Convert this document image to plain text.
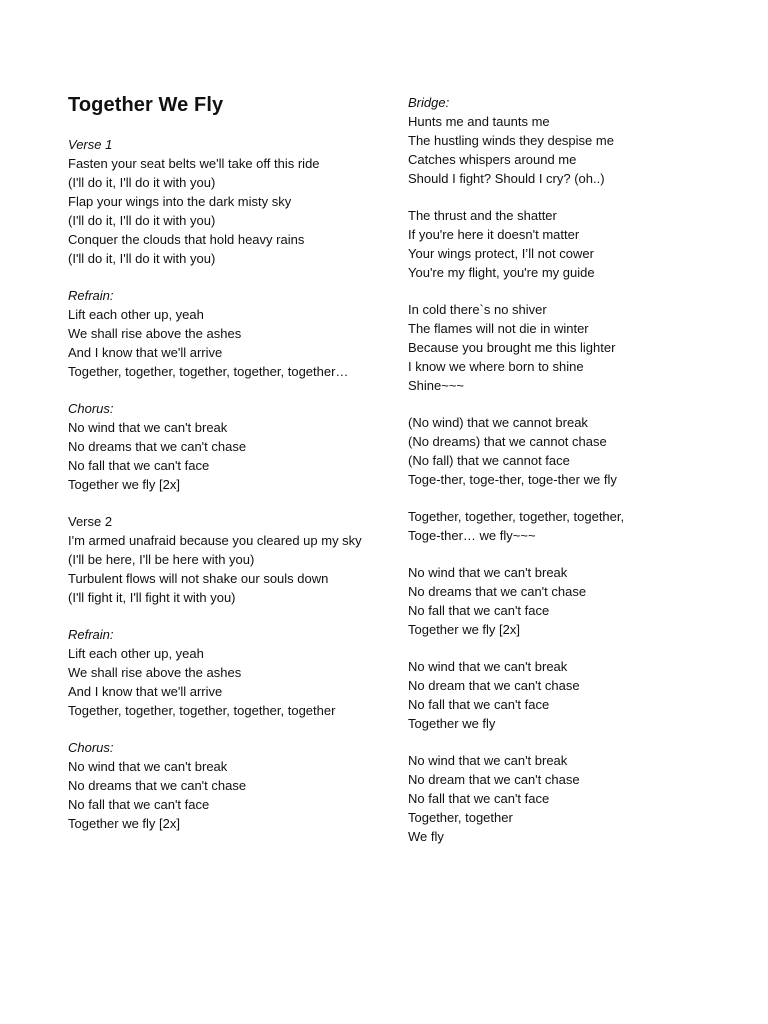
Together We Fly
Verse 1
Fasten your seat belts we'll take off this ride
(I'll do it, I'll do it with you)
Flap your wings into the dark misty sky
(I'll do it, I'll do it with you)
Conquer the clouds that hold heavy rains
(I'll do it, I'll do it with you)
Refrain:
Lift each other up, yeah
We shall rise above the ashes
And I know that we'll arrive
Together, together, together, together, together…
Chorus:
No wind that we can't break
No dreams that we can't chase
No fall that we can't face
Together we fly [2x]
Verse 2
I'm armed unafraid because you cleared up my sky
(I'll be here, I'll be here with you)
Turbulent flows will not shake our souls down
(I'll fight it, I'll fight it with you)
Refrain:
Lift each other up, yeah
We shall rise above the ashes
And I know that we'll arrive
Together, together, together, together, together
Chorus:
No wind that we can't break
No dreams that we can't chase
No fall that we can't face
Together we fly [2x]
Bridge:
Hunts me and taunts me
The hustling winds they despise me
Catches whispers around me
Should I fight? Should I cry? (oh..)
The thrust and the shatter
If you're here it doesn't matter
Your wings protect, I’ll not cower
You're my flight, you're my guide
In cold there`s no shiver
The flames will not die in winter
Because you brought me this lighter
I know we where born to shine
Shine~~~
(No wind) that we cannot break
(No dreams) that we cannot chase
(No fall) that we cannot face
Toge-ther, toge-ther, toge-ther we fly
Together, together, together, together,
Toge-ther… we fly~~~
No wind that we can't break
No dreams that we can't chase
No fall that we can't face
Together we fly [2x]
No wind that we can't break
No dream that we can't chase
No fall that we can't face
Together we fly
No wind that we can't break
No dream that we can't chase
No fall that we can't face
Together, together
We fly
